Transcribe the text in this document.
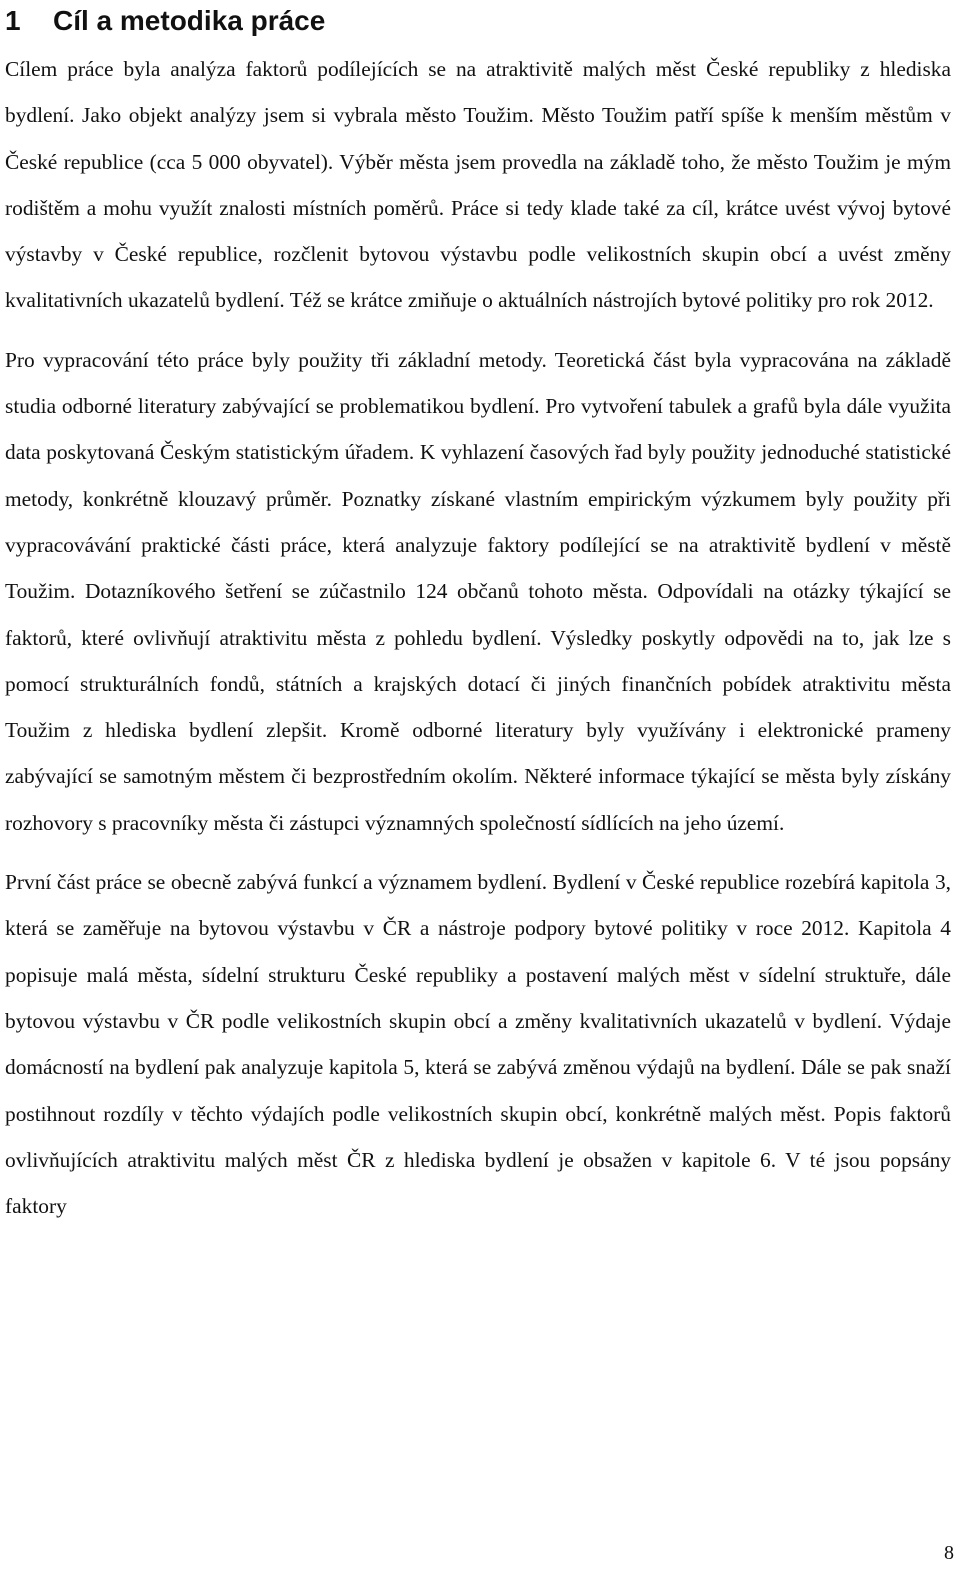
1	Cíl a metodika práce

Cílem práce byla analýza faktorů podílejících se na atraktivitě malých měst České republiky z hlediska bydlení. Jako objekt analýzy jsem si vybrala město Toužim. Město Toužim patří spíše k menším městům v České republice (cca 5 000 obyvatel). Výběr města jsem provedla na základě toho, že město Toužim je mým rodištěm a mohu využít znalosti místních poměrů. Práce si tedy klade také za cíl, krátce uvést vývoj bytové výstavby v České republice, rozčlenit bytovou výstavbu podle velikostních skupin obcí a uvést změny kvalitativních ukazatelů bydlení. Též se krátce zmiňuje o aktuálních nástrojích bytové politiky pro rok 2012.

Pro vypracování této práce byly použity tři základní metody. Teoretická část byla vypracována na základě studia odborné literatury zabývající se problematikou bydlení. Pro vytvoření tabulek a grafů byla dále využita data poskytovaná Českým statistickým úřadem. K vyhlazení časových řad byly použity jednoduché statistické metody, konkrétně klouzavý průměr. Poznatky získané vlastním empirickým výzkumem byly použity při vypracovávání praktické části práce, která analyzuje faktory podílející se na atraktivitě bydlení v městě Toužim. Dotazníkového šetření se zúčastnilo 124 občanů tohoto města. Odpovídali na otázky týkající se faktorů, které ovlivňují atraktivitu města z pohledu bydlení. Výsledky poskytly odpovědi na to, jak lze s pomocí strukturálních fondů, státních a krajských dotací či jiných finančních pobídek atraktivitu města Toužim z hlediska bydlení zlepšit. Kromě odborné literatury byly využívány i elektronické prameny zabývající se samotným městem či bezprostředním okolím. Některé informace týkající se města byly získány rozhovory s pracovníky města či zástupci významných společností sídlících na jeho území.

První část práce se obecně zabývá funkcí a významem bydlení. Bydlení v České republice rozebírá kapitola 3, která se zaměřuje na bytovou výstavbu v ČR a nástroje podpory bytové politiky v roce 2012. Kapitola 4 popisuje malá města, sídelní strukturu České republiky a postavení malých měst v sídelní struktuře, dále bytovou výstavbu v ČR podle velikostních skupin obcí a změny kvalitativních ukazatelů v bydlení. Výdaje domácností na bydlení pak analyzuje kapitola 5, která se zabývá změnou výdajů na bydlení. Dále se pak snaží postihnout rozdíly v těchto výdajích podle velikostních skupin obcí, konkrétně malých měst. Popis faktorů ovlivňujících atraktivitu malých měst ČR z hlediska bydlení je obsažen v kapitole 6. V té jsou popsány faktory

8
